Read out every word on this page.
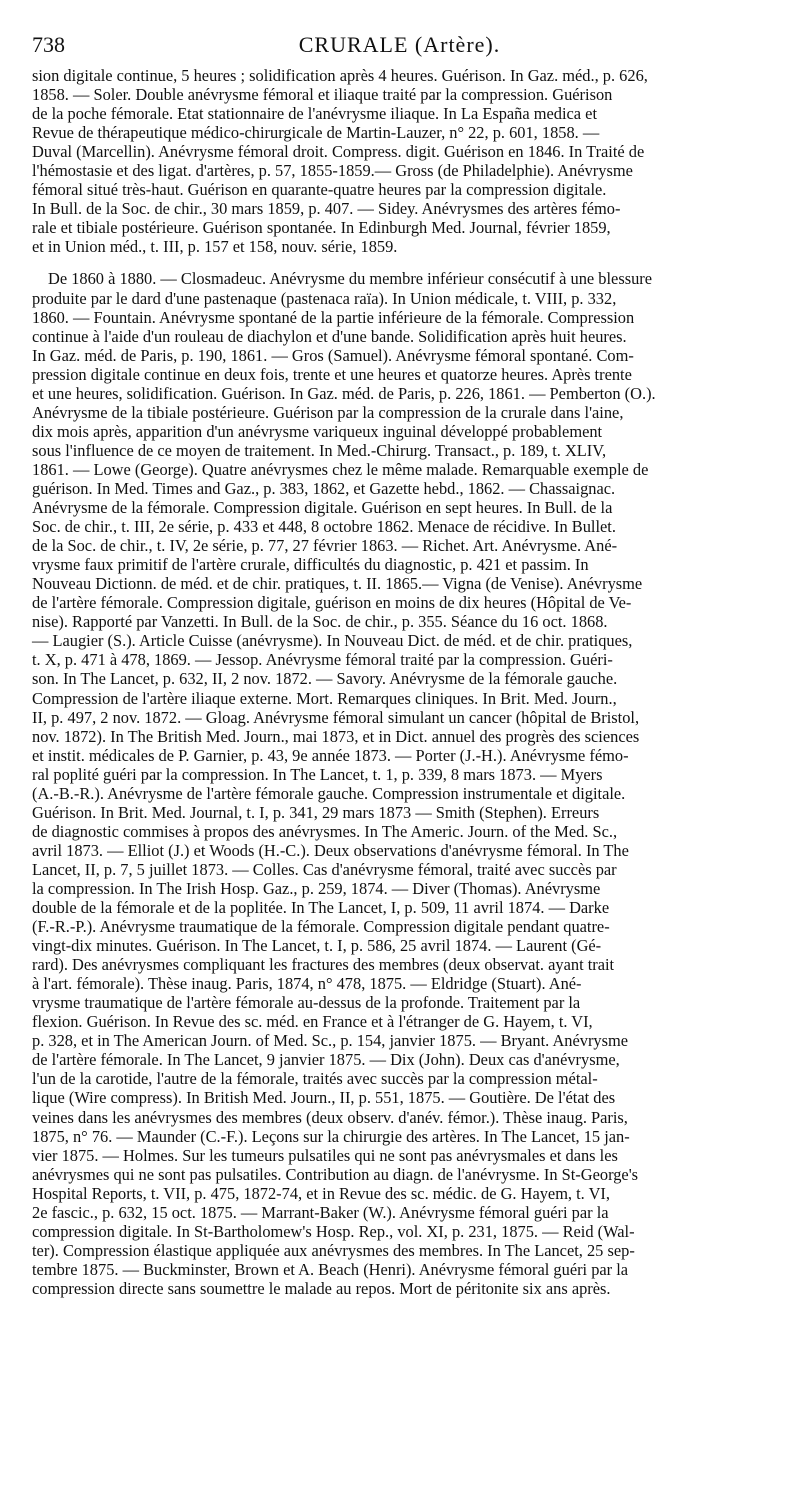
738	CRURALE (Artère).

sion digitale continue, 5 heures ; solidification après 4 heures. Guérison. In Gaz. méd., p. 626,
1858. — Soler. Double anévrysme fémoral et iliaque traité par la compression. Guérison
de la poche fémorale. Etat stationnaire de l'anévrysme iliaque. In La España medica et
Revue de thérapeutique médico-chirurgicale de Martin-Lauzer, n° 22, p. 601, 1858. —
Duval (Marcellin). Anévrysme fémoral droit. Compress. digit. Guérison en 1846. In Traité de
l'hémostasie et des ligat. d'artères, p. 57, 1855-1859.— Gross (de Philadelphie). Anévrysme
fémoral situé très-haut. Guérison en quarante-quatre heures par la compression digitale.
In Bull. de la Soc. de chir., 30 mars 1859, p. 407. — Sidey. Anévrysmes des artères fémo-
rale et tibiale postérieure. Guérison spontanée. In Edinburgh Med. Journal, février 1859,
et in Union méd., t. III, p. 157 et 158, nouv. série, 1859.

De 1860 à 1880. — Closmadeuc. Anévrysme du membre inférieur consécutif à une blessure
produite par le dard d'une pastenaque (pastenaca raïa). In Union médicale, t. VIII, p. 332,
1860. — Fountain. Anévrysme spontané de la partie inférieure de la fémorale. Compression
continue à l'aide d'un rouleau de diachylon et d'une bande. Solidification après huit heures.
In Gaz. méd. de Paris, p. 190, 1861. — Gros (Samuel). Anévrysme fémoral spontané. Com-
pression digitale continue en deux fois, trente et une heures et quatorze heures. Après trente
et une heures, solidification. Guérison. In Gaz. méd. de Paris, p. 226, 1861. — Pemberton (O.).
Anévrysme de la tibiale postérieure. Guérison par la compression de la crurale dans l'aine,
dix mois après, apparition d'un anévrysme variqueux inguinal développé probablement
sous l'influence de ce moyen de traitement. In Med.-Chirurg. Transact., p. 189, t. XLIV,
1861. — Lowe (George). Quatre anévrysmes chez le même malade. Remarquable exemple de
guérison. In Med. Times and Gaz., p. 383, 1862, et Gazette hebd., 1862. — Chassaignac.
Anévrysme de la fémorale. Compression digitale. Guérison en sept heures. In Bull. de la
Soc. de chir., t. III, 2e série, p. 433 et 448, 8 octobre 1862. Menace de récidive. In Bullet.
de la Soc. de chir., t. IV, 2e série, p. 77, 27 février 1863. — Richet. Art. Anévrysme. Ané-
vrysme faux primitif de l'artère crurale, difficultés du diagnostic, p. 421 et passim. In
Nouveau Dictionn. de méd. et de chir. pratiques, t. II. 1865.— Vigna (de Venise). Anévrysme
de l'artère fémorale. Compression digitale, guérison en moins de dix heures (Hôpital de Ve-
nise). Rapporté par Vanzetti. In Bull. de la Soc. de chir., p. 355. Séance du 16 oct. 1868.
— Laugier (S.). Article Cuisse (anévrysme). In Nouveau Dict. de méd. et de chir. pratiques,
t. X, p. 471 à 478, 1869. — Jessop. Anévrysme fémoral traité par la compression. Guéri-
son. In The Lancet, p. 632, II, 2 nov. 1872. — Savory. Anévrysme de la fémorale gauche.
Compression de l'artère iliaque externe. Mort. Remarques cliniques. In Brit. Med. Journ.,
II, p. 497, 2 nov. 1872. — Gloag. Anévrysme fémoral simulant un cancer (hôpital de Bristol,
nov. 1872). In The British Med. Journ., mai 1873, et in Dict. annuel des progrès des sciences
et instit. médicales de P. Garnier, p. 43, 9e année 1873. — Porter (J.-H.). Anévrysme fémo-
ral poplité guéri par la compression. In The Lancet, t. 1, p. 339, 8 mars 1873. — Myers
(A.-B.-R.). Anévrysme de l'artère fémorale gauche. Compression instrumentale et digitale.
Guérison. In Brit. Med. Journal, t. I, p. 341, 29 mars 1873 — Smith (Stephen). Erreurs
de diagnostic commises à propos des anévrysmes. In The Americ. Journ. of the Med. Sc.,
avril 1873. — Elliot (J.) et Woods (H.-C.). Deux observations d'anévrysme fémoral. In The
Lancet, II, p. 7, 5 juillet 1873. — Colles. Cas d'anévrysme fémoral, traité avec succès par
la compression. In The Irish Hosp. Gaz., p. 259, 1874. — Diver (Thomas). Anévrysme
double de la fémorale et de la poplitée. In The Lancet, I, p. 509, 11 avril 1874. — Darke
(F.-R.-P.). Anévrysme traumatique de la fémorale. Compression digitale pendant quatre-
vingt-dix minutes. Guérison. In The Lancet, t. I, p. 586, 25 avril 1874. — Laurent (Gé-
rard). Des anévrysmes compliquant les fractures des membres (deux observat. ayant trait
à l'art. fémorale). Thèse inaug. Paris, 1874, n° 478, 1875. — Eldridge (Stuart). Ané-
vrysme traumatique de l'artère fémorale au-dessus de la profonde. Traitement par la
flexion. Guérison. In Revue des sc. méd. en France et à l'étranger de G. Hayem, t. VI,
p. 328, et in The American Journ. of Med. Sc., p. 154, janvier 1875. — Bryant. Anévrysme
de l'artère fémorale. In The Lancet, 9 janvier 1875. — Dix (John). Deux cas d'anévrysme,
l'un de la carotide, l'autre de la fémorale, traités avec succès par la compression métal-
lique (Wire compress). In British Med. Journ., II, p. 551, 1875. — Goutière. De l'état des
veines dans les anévrysmes des membres (deux observ. d'anév. fémor.). Thèse inaug. Paris,
1875, n° 76. — Maunder (C.-F.). Leçons sur la chirurgie des artères. In The Lancet, 15 jan-
vier 1875. — Holmes. Sur les tumeurs pulsatiles qui ne sont pas anévrysmales et dans les
anévrysmes qui ne sont pas pulsatiles. Contribution au diagn. de l'anévrysme. In St-George's
Hospital Reports, t. VII, p. 475, 1872-74, et in Revue des sc. médic. de G. Hayem, t. VI,
2e fascic., p. 632, 15 oct. 1875. — Marrant-Baker (W.). Anévrysme fémoral guéri par la
compression digitale. In St-Bartholomew's Hosp. Rep., vol. XI, p. 231, 1875. — Reid (Wal-
ter). Compression élastique appliquée aux anévrysmes des membres. In The Lancet, 25 sep-
tembre 1875. — Buckminster, Brown et A. Beach (Henri). Anévrysme fémoral guéri par la
compression directe sans soumettre le malade au repos. Mort de péritonite six ans après.
